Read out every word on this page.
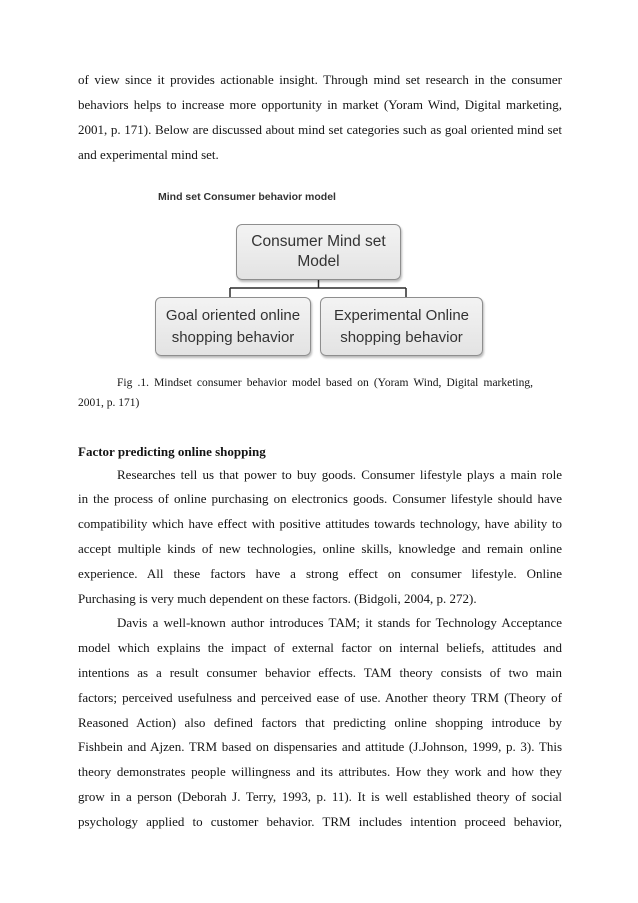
of view since it provides actionable insight. Through mind set research in the consumer
behaviors helps to increase more opportunity in market (Yoram Wind, Digital marketing,
2001, p. 171). Below are discussed about mind set categories such as goal oriented mind set
and experimental mind set.
Mind set Consumer behavior model
Consumer Mind set
Model
Goal oriented online
shopping behavior
Experimental Online
shopping behavior
Fig .1. Mindset consumer behavior model based on (Yoram Wind, Digital marketing,
2001, p. 171)
Factor predicting online shopping
Researches tell us that power to buy goods. Consumer lifestyle plays a main role
in the process of online purchasing on electronics goods. Consumer lifestyle should have
compatibility which have effect with positive attitudes towards technology, have ability to
accept multiple kinds of new technologies, online skills, knowledge and remain online
experience. All these factors have a strong effect on consumer lifestyle. Online
Purchasing is very much dependent on these factors. (Bidgoli, 2004, p. 272).
Davis a well-known author introduces TAM; it stands for Technology Acceptance
model which explains the impact of external factor on internal beliefs, attitudes and
intentions as a result consumer behavior effects. TAM theory consists of two main
factors; perceived usefulness and perceived ease of use. Another theory TRM (Theory of
Reasoned Action) also defined factors that predicting online shopping introduce by
Fishbein and Ajzen. TRM based on dispensaries and attitude (J.Johnson, 1999, p. 3). This
theory demonstrates people willingness and its attributes. How they work and how they
grow in a person (Deborah J. Terry, 1993, p. 11). It is well established theory of social
psychology applied to customer behavior. TRM includes intention proceed behavior,
